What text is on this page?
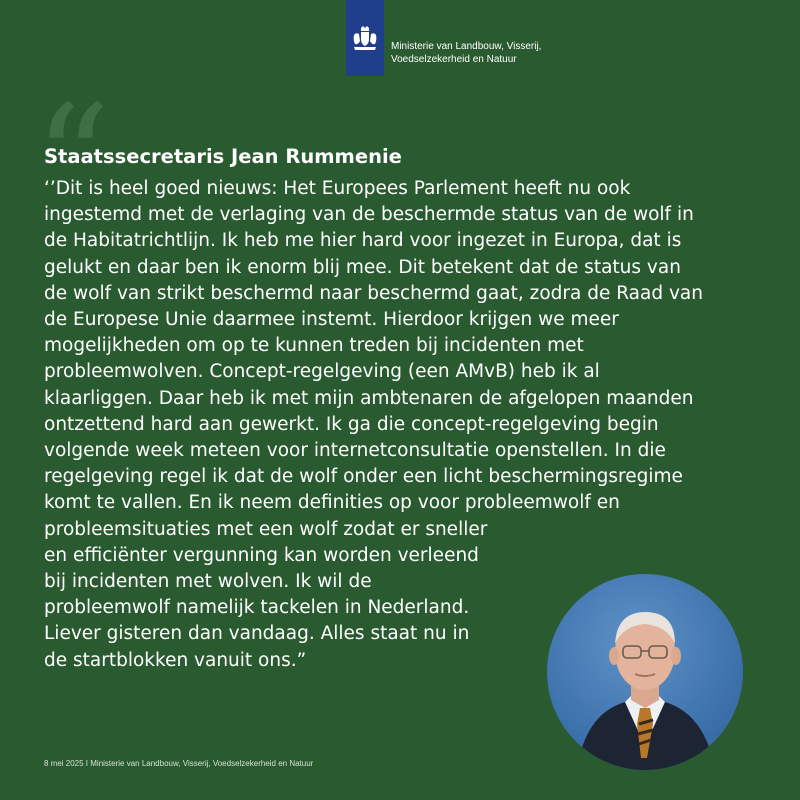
Ministerie van Landbouw, Visserij,
Voedselzekerheid en Natuur
“
Staatssecretaris Jean Rummenie
‘’Dit is heel goed nieuws: Het Europees Parlement heeft nu ook
ingestemd met de verlaging van de beschermde status van de wolf in
de Habitatrichtlijn. Ik heb me hier hard voor ingezet in Europa, dat is
gelukt en daar ben ik enorm blij mee. Dit betekent dat de status van
de wolf van strikt beschermd naar beschermd gaat, zodra de Raad van
de Europese Unie daarmee instemt. Hierdoor krijgen we meer
mogelijkheden om op te kunnen treden bij incidenten met
probleemwolven. Concept-regelgeving (een AMvB) heb ik al
klaarliggen. Daar heb ik met mijn ambtenaren de afgelopen maanden
ontzettend hard aan gewerkt. Ik ga die concept-regelgeving begin
volgende week meteen voor internetconsultatie openstellen. In die
regelgeving regel ik dat de wolf onder een licht beschermingsregime
komt te vallen. En ik neem definities op voor probleemwolf en
probleemsituaties met een wolf zodat er sneller
en efficiënter vergunning kan worden verleend
bij incidenten met wolven. Ik wil de
probleemwolf namelijk tackelen in Nederland.
Liever gisteren dan vandaag. Alles staat nu in
de startblokken vanuit ons.”
8 mei 2025 I Ministerie van Landbouw, Visserij, Voedselzekerheid en Natuur
